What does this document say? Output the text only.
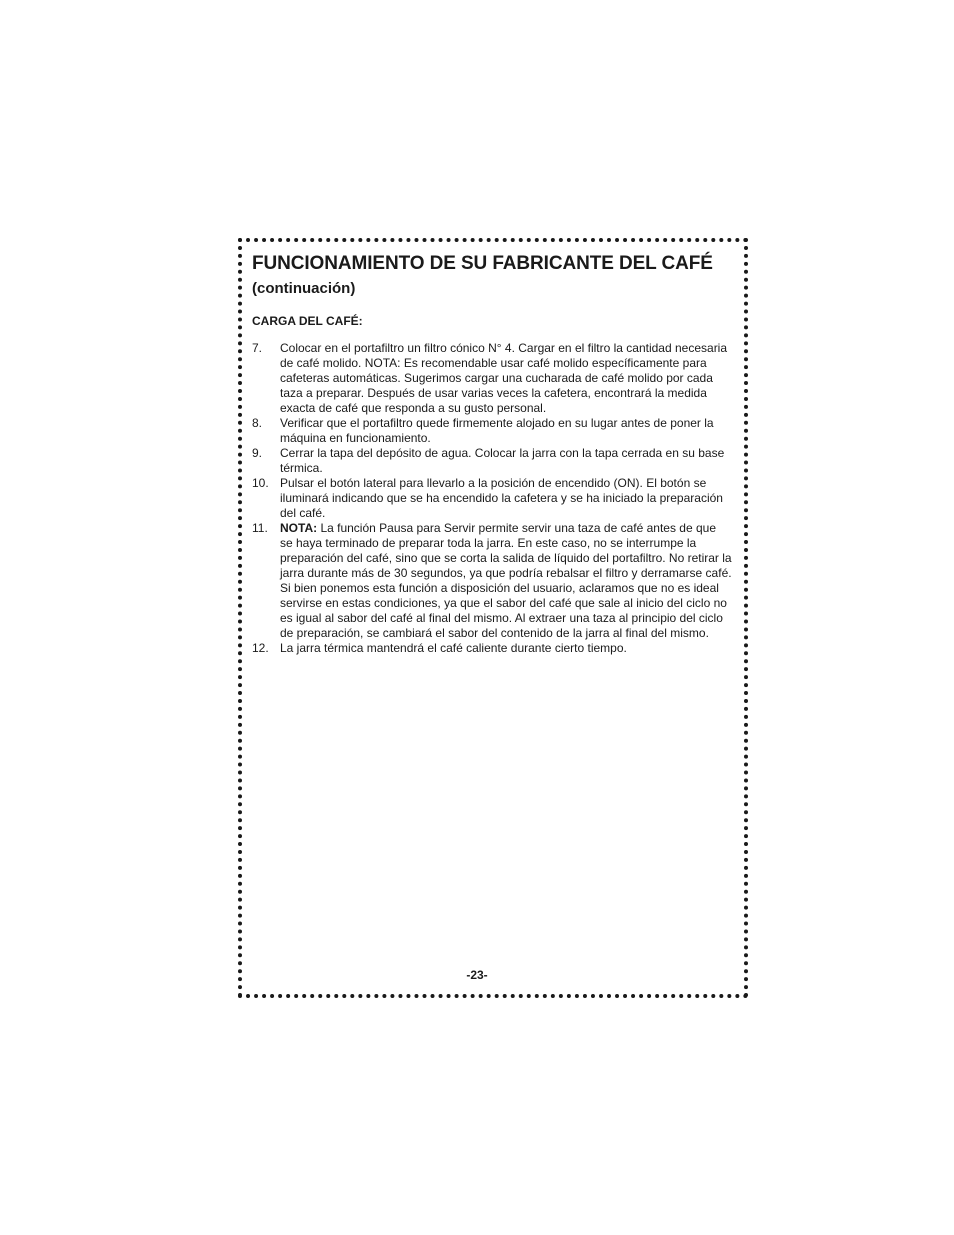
FUNCIONAMIENTO DE SU FABRICANTE DEL CAFÉ
(continuación)
CARGA DEL CAFÉ:
7. Colocar en el portafiltro un filtro cónico N° 4. Cargar en el filtro la cantidad necesaria de café molido. NOTA: Es recomendable usar café molido específicamente para cafeteras automáticas. Sugerimos cargar una cucharada de café molido por cada taza a preparar. Después de usar varias veces la cafetera, encontrará la medida exacta de café que responda a su gusto personal.
8. Verificar que el portafiltro quede firmemente alojado en su lugar antes de poner la máquina en funcionamiento.
9. Cerrar la tapa del depósito de agua. Colocar la jarra con la tapa cerrada en su base térmica.
10. Pulsar el botón lateral para llevarlo a la posición de encendido (ON). El botón se iluminará indicando que se ha encendido la cafetera y se ha iniciado la preparación del café.
11. NOTA: La función Pausa para Servir permite servir una taza de café antes de que se haya terminado de preparar toda la jarra. En este caso, no se interrumpe la preparación del café, sino que se corta la salida de líquido del portafiltro. No retirar la jarra durante más de 30 segundos, ya que podría rebalsar el filtro y derramarse café. Si bien ponemos esta función a disposición del usuario, aclaramos que no es ideal servirse en estas condiciones, ya que el sabor del café que sale al inicio del ciclo no es igual al sabor del café al final del mismo. Al extraer una taza al principio del ciclo de preparación, se cambiará el sabor del contenido de la jarra al final del mismo.
12. La jarra térmica mantendrá el café caliente durante cierto tiempo.
-23-
